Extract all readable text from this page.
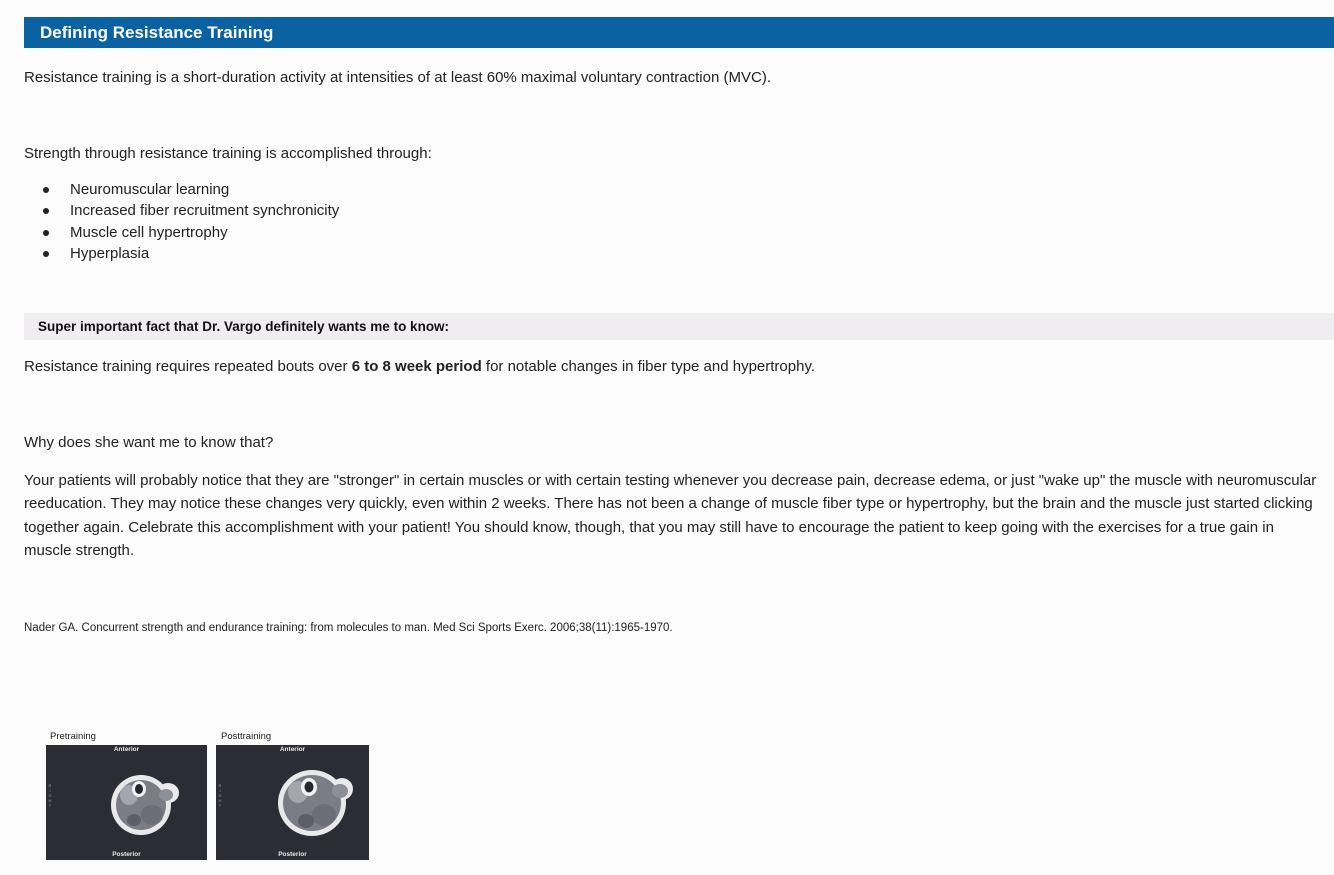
Defining Resistance Training

Resistance training is a short-duration activity at intensities of at least 60% maximal voluntary contraction (MVC).

Strength through resistance training is accomplished through:

Neuromuscular learning
Increased fiber recruitment synchronicity
Muscle cell hypertrophy
Hyperplasia
Super important fact that Dr. Vargo definitely wants me to know:

Resistance training requires repeated bouts over 6 to 8 week period for notable changes in fiber type and hypertrophy.

Why does she want me to know that?

Your patients will probably notice that they are "stronger" in certain muscles or with certain testing whenever you decrease pain, decrease edema, or just "wake up" the muscle with neuromuscular reeducation. They may notice these changes very quickly, even within 2 weeks. There has not been a change of muscle fiber type or hypertrophy, but the brain and the muscle just started clicking together again. Celebrate this accomplishment with your patient! You should know, though, that you may still have to encourage the patient to keep going with the exercises for a true gain in muscle strength.

Nader GA. Concurrent strength and endurance training: from molecules to man. Med Sci Sports Exerc. 2006;38(11):1965-1970.
Pretraining	Posttraining
Anterior
R
I
G
H
T
Posterior
Anterior
R
I
G
H
T
Posterior
